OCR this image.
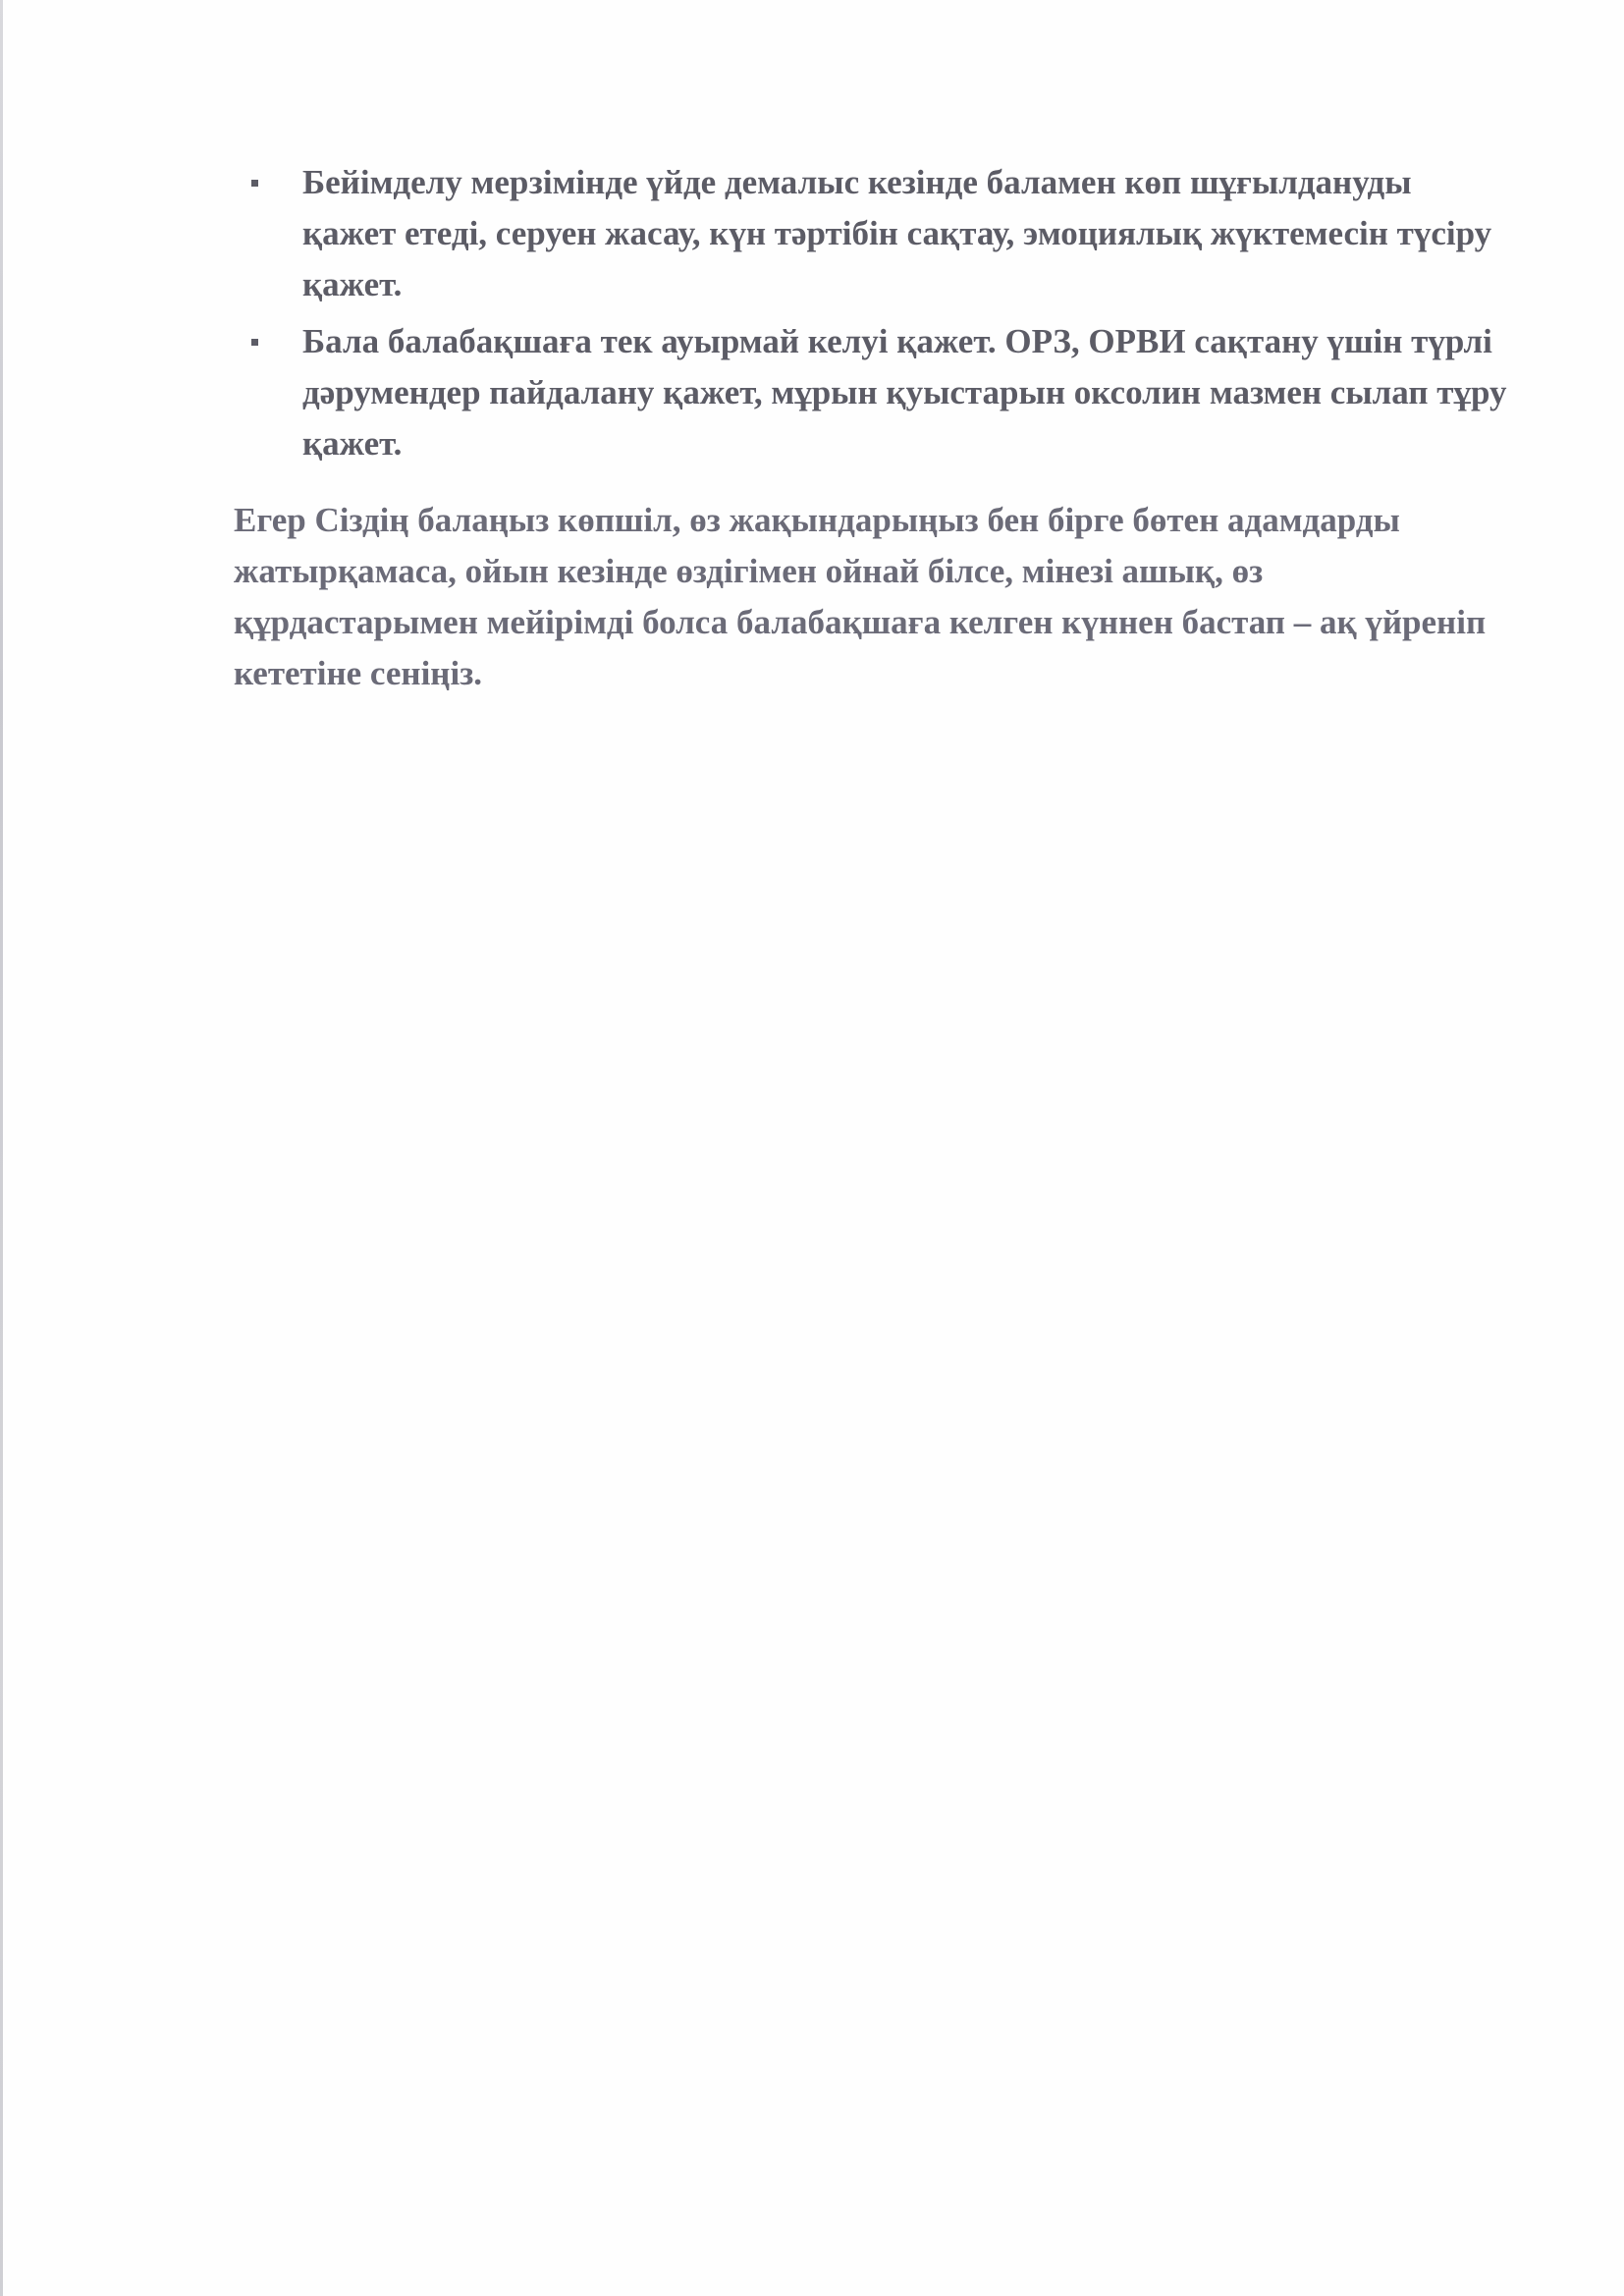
Бейімделу мерзімінде үйде демалыс кезінде баламен көп шұғылдануды қажет етеді, серуен жасау, күн тәртібін сақтау, эмоциялық жүктемесін түсіру қажет.
Бала балабақшаға тек ауырмай келуі қажет. ОРЗ, ОРВИ сақтану үшін түрлі дәрумендер пайдалану қажет, мұрын қуыстарын оксолин мазмен сылап тұру қажет.

Егер Сіздің балаңыз көпшіл, өз жақындарыңыз бен бірге бөтен адамдарды жатырқамаса, ойын кезінде өздігімен ойнай білсе, мінезі ашық, өз құрдастарымен мейірімді болса балабақшаға келген күннен бастап – ақ үйреніп кететіне сеніңіз.
